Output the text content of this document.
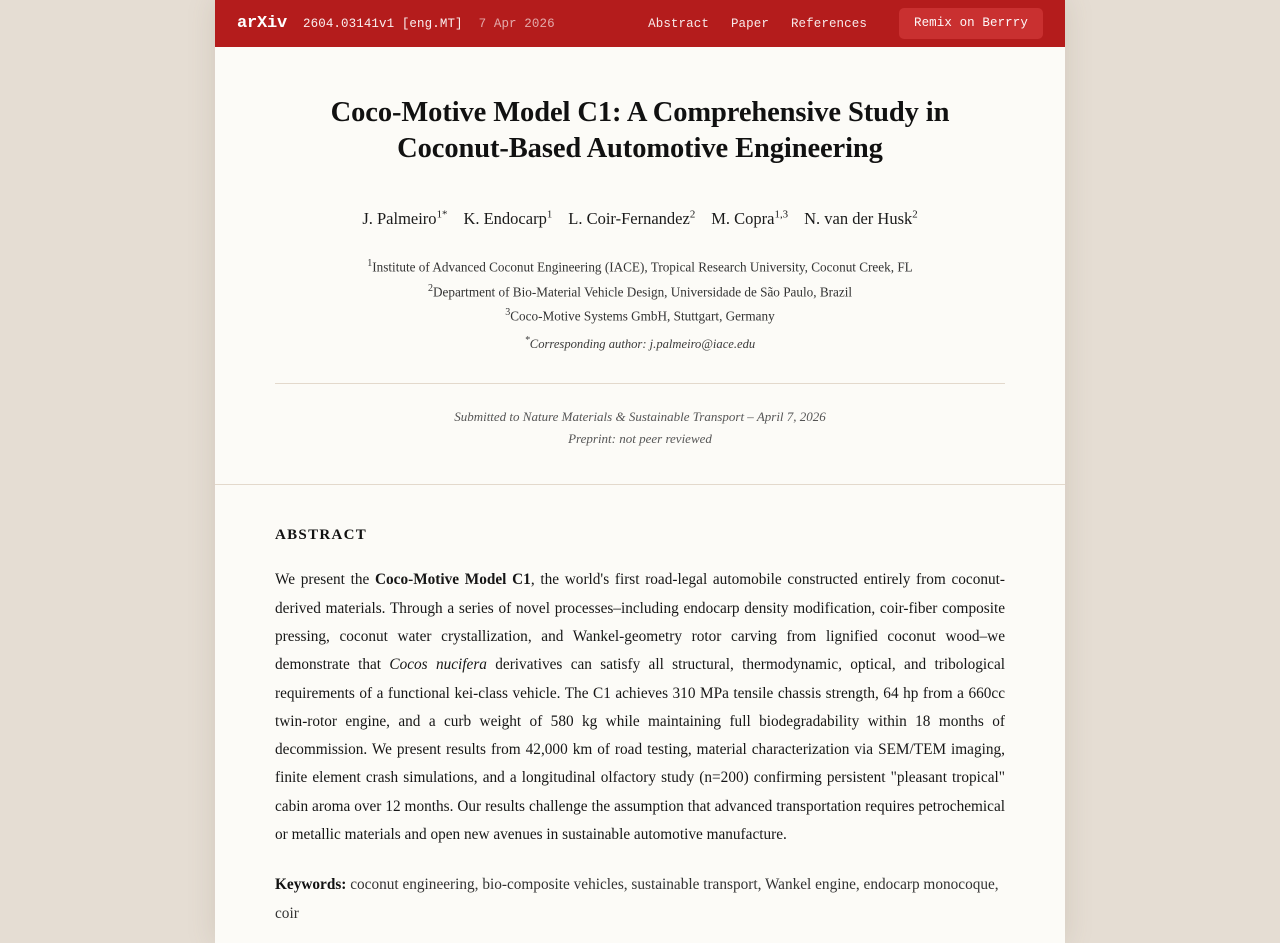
arXiv 2604.03141v1 [eng.MT] 7 Apr 2026	Abstract Paper References	Remix on Berrry
Coco-Motive Model C1: A Comprehensive Study in Coconut-Based Automotive Engineering
J. Palmeiro$^{1*}$ K. Endocarp$^1$ L. Coir-Fernandez$^2$ M. Copra$^{1,3}$ N. van der Husk$^2$
$^1$Institute of Advanced Coconut Engineering (IACE), Tropical Research University, Coconut Creek, FL
$^2$Department of Bio-Material Vehicle Design, Universidade de São Paulo, Brazil
$^3$Coco-Motive Systems GmbH, Stuttgart, Germany
*Corresponding author: j.palmeiro@iace.edu
Submitted to Nature Materials & Sustainable Transport – April 7, 2026
Preprint: not peer reviewed
ABSTRACT

We present the Coco-Motive Model C1, the world's first road-legal automobile constructed entirely from coconut-derived materials. Through a series of novel processes–including endocarp density modification, coir-fiber composite pressing, coconut water crystallization, and Wankel-geometry rotor carving from lignified coconut wood–we demonstrate that Cocos nucifera derivatives can satisfy all structural, thermodynamic, optical, and tribological requirements of a functional kei-class vehicle. The C1 achieves 310 MPa tensile chassis strength, 64 hp from a 660cc twin-rotor engine, and a curb weight of 580 kg while maintaining full biodegradability within 18 months of decommission. We present results from 42,000 km of road testing, material characterization via SEM/TEM imaging, finite element crash simulations, and a longitudinal olfactory study (n=200) confirming persistent "pleasant tropical" cabin aroma over 12 months. Our results challenge the assumption that advanced transportation requires petrochemical or metallic materials and open new avenues in sustainable automotive manufacture.

Keywords: coconut engineering, bio-composite vehicles, sustainable transport, Wankel engine, endocarp monocoque, coir
